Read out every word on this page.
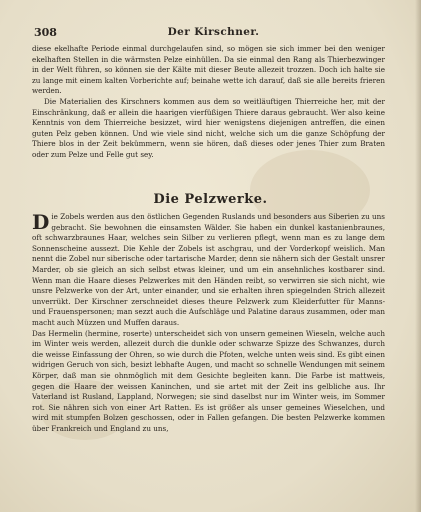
308	Der Kirschner.

diese ekelhafte Periode einmal durchgelaufen sind, so mögen sie sich immer bei den weniger ekelhaften Stellen in die wärmsten Pelze einhüllen. Da sie einmal den Rang als Thierbezwinger in der Welt führen, so können sie der Kälte mit dieser Beute allezeit trozzen. Doch ich halte sie zu lange mit einem kalten Vorberichte auf; beinahe wette ich darauf, daß sie alle bereits frieren werden.

Die Materialien des Kirschners kommen aus dem so weitläuftigen Thierreiche her, mit der Einschränkung, daß er allein die haarigen vierfüßigen Thiere daraus gebraucht. Wer also keine Kenntnis von dem Thierreiche besizzet, wird hier wenigstens diejenigen antreffen, die einen guten Pelz geben können. Und wie viele sind nicht, welche sich um die ganze Schöpfung der Thiere blos in der Zeit bekümmern, wenn sie hören, daß dieses oder jenes Thier zum Braten oder zum Pelze und Felle gut sey.

Die Pelzwerke.

Die Zobels werden aus den östlichen Gegenden Ruslands und besonders aus Siberien zu uns gebracht. Sie bewohnen die einsamsten Wälder. Sie haben ein dunkel kastanienbraunes, oft schwarzbraunes Haar, welches sein Silber zu verlieren pflegt, wenn man es zu lange dem Sonnenscheine aussezt. Die Kehle der Zobels ist aschgrau, und der Vorderkopf weislich. Man nennt die Zobel nur siberische oder tartarische Marder, denn sie nähern sich der Gestalt unsrer Marder, ob sie gleich an sich selbst etwas kleiner, und um ein ansehnliches kostbarer sind. Wenn man die Haare dieses Pelzwerkes mit den Händen reibt, so verwirren sie sich nicht, wie unsre Pelzwerke von der Art, unter einander, und sie erhalten ihren spiegelnden Strich allezeit unverrükt. Der Kirschner zerschneidet dieses theure Pelzwerk zum Kleiderfutter für Manns- und Frauenspersonen; man sezzt auch die Aufschläge und Palatine daraus zusammen, oder man macht auch Müzzen und Muffen daraus.

Das Hermelin (hermine, roserte) unterscheidet sich von unsern gemeinen Wieseln, welche auch im Winter weis werden, allezeit durch die dunkle oder schwarze Spizze des Schwanzes, durch die weisse Einfassung der Ohren, so wie durch die Pfoten, welche unten weis sind. Es gibt einen widrigen Geruch von sich, besizt lebhafte Augen, und macht so schnelle Wendungen mit seinem Körper, daß man sie ohnmöglich mit dem Gesichte begleiten kann. Die Farbe ist mattweis, gegen die Haare der weissen Kaninchen, und sie artet mit der Zeit ins gelbliche aus. Ihr Vaterland ist Rusland, Lappland, Norwegen; sie sind daselbst nur im Winter weis, im Sommer rot. Sie nähren sich von einer Art Ratten. Es ist größer als unser gemeines Wieselchen, und wird mit stumpfen Bolzen geschossen, oder in Fallen gefangen. Die besten Pelzwerke kommen über Frankreich und England zu uns,
